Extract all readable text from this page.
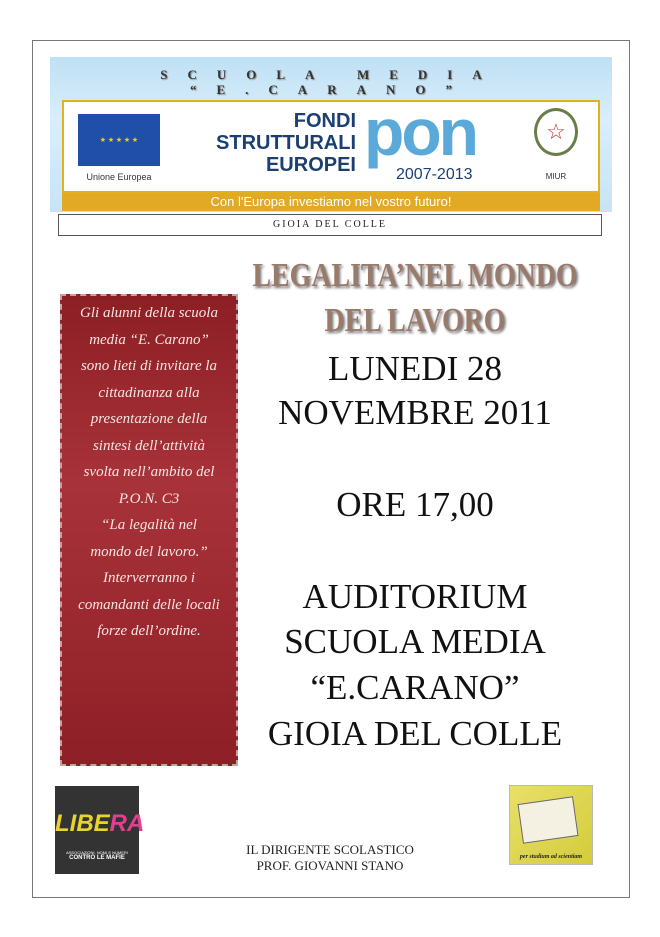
SCUOLA MEDIA
“E.CARANO”
★ ★ ★ ★ ★
Unione Europea
FONDI
STRUTTURALI
EUROPEI pon
2007-2013
☆
MIUR
Con l'Europa investiamo nel vostro futuro!
GIOIA DEL COLLE
Gli alunni della scuola
media “E. Carano”
sono lieti di invitare la
cittadinanza alla
presentazione della
sintesi dell’attività
svolta nell’ambito del
P.O.N. C3
“La legalità nel
mondo del lavoro.”
Interverranno i
comandanti delle locali
forze dell’ordine.
LEGALITA’NEL MONDO
DEL LAVORO
LUNEDI 28
NOVEMBRE 2011
ORE 17,00
AUDITORIUM
SCUOLA MEDIA
“E.CARANO”
GIOIA DEL COLLE
LIBERA
ASSOCIAZIONI, NOMI E NUMERI
CONTRO LE MAFIE	per studium ad scientiam
IL DIRIGENTE SCOLASTICO
PROF. GIOVANNI STANO
